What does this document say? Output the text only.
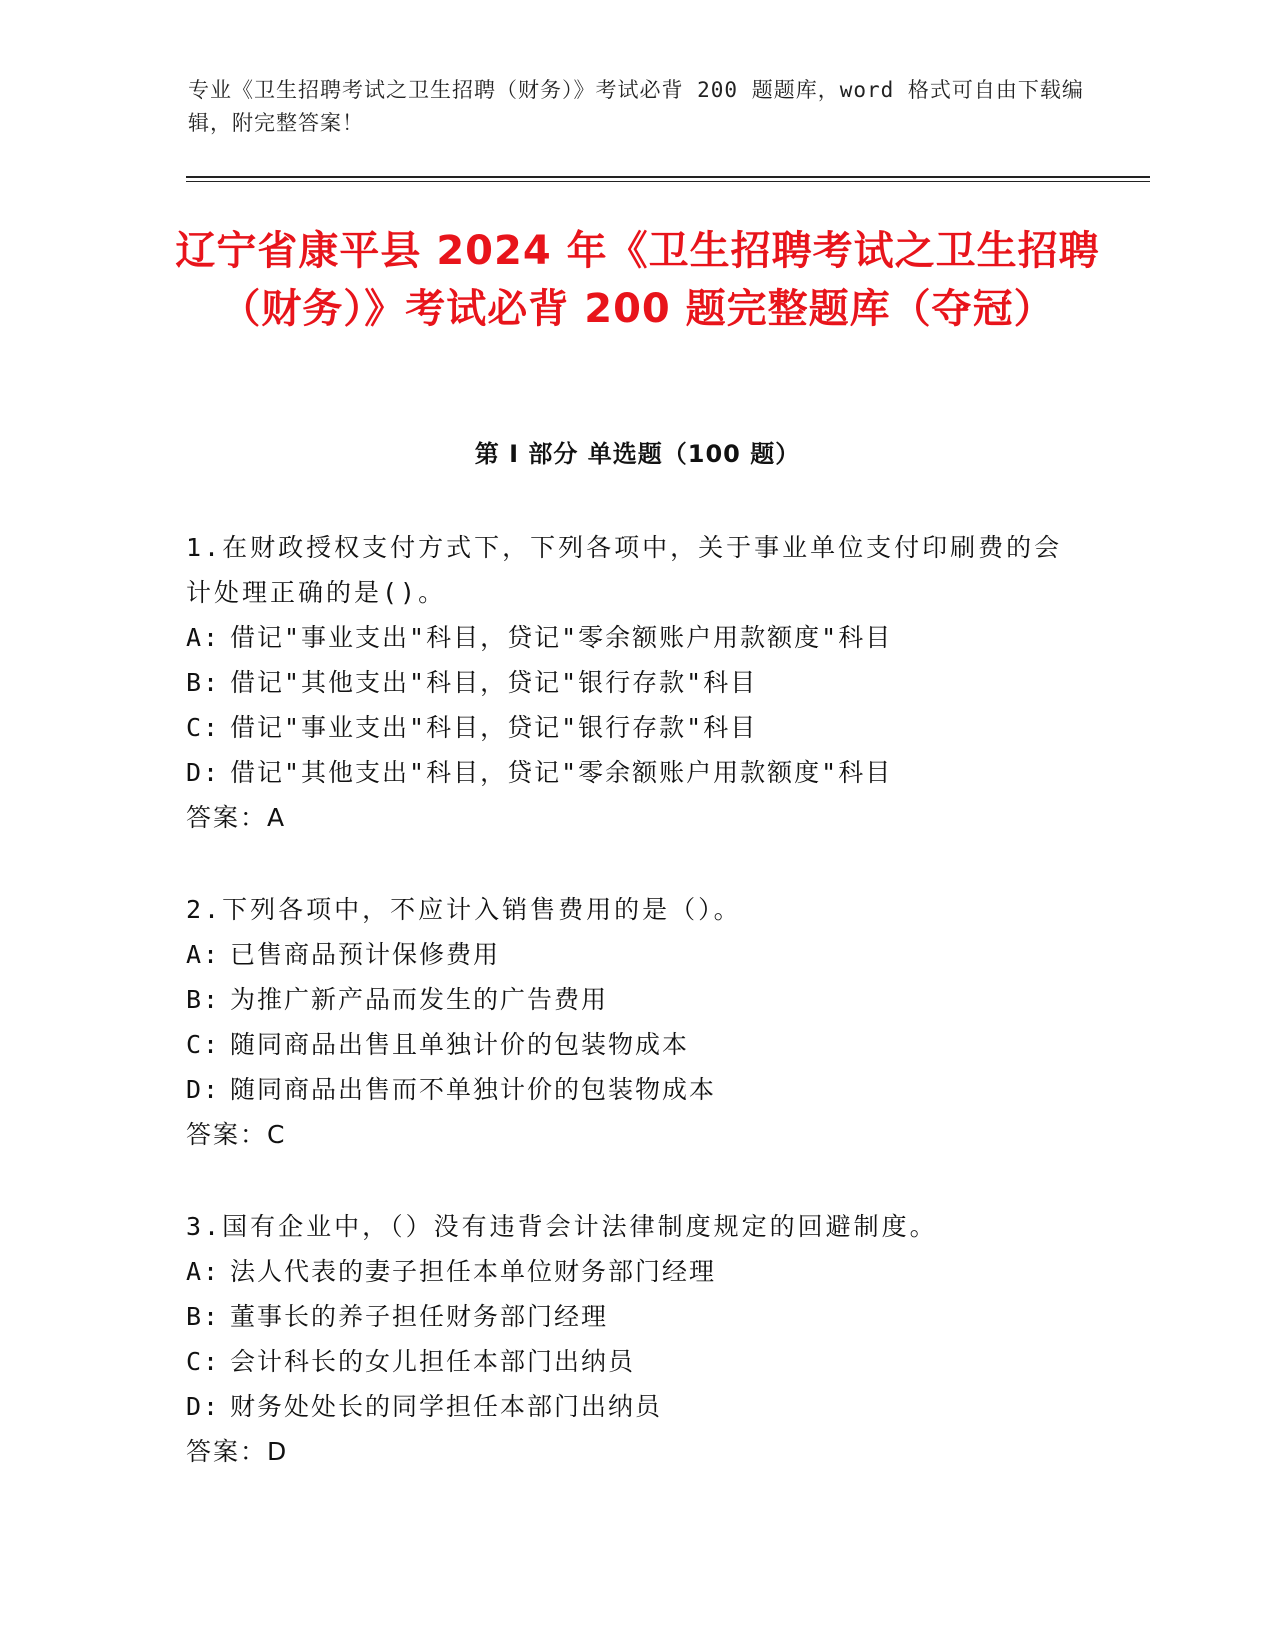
专业《卫生招聘考试之卫生招聘（财务）》考试必背 200 题题库，word 格式可自由下载编辑，附完整答案！
辽宁省康平县 2024 年《卫生招聘考试之卫生招聘（财务）》考试必背 200 题完整题库（夺冠）
第 I 部分 单选题（100 题）

1.在财政授权支付方式下，下列各项中，关于事业单位支付印刷费的会计处理正确的是()。

A: 借记"事业支出"科目，贷记"零余额账户用款额度"科目

B: 借记"其他支出"科目，贷记"银行存款"科目

C: 借记"事业支出"科目，贷记"银行存款"科目

D: 借记"其他支出"科目，贷记"零余额账户用款额度"科目

答案：A

2.下列各项中，不应计入销售费用的是（）。

A: 已售商品预计保修费用

B: 为推广新产品而发生的广告费用

C: 随同商品出售且单独计价的包装物成本

D: 随同商品出售而不单独计价的包装物成本

答案：C

3.国有企业中，（）没有违背会计法律制度规定的回避制度。

A: 法人代表的妻子担任本单位财务部门经理

B: 董事长的养子担任财务部门经理

C: 会计科长的女儿担任本部门出纳员

D: 财务处处长的同学担任本部门出纳员

答案：D
